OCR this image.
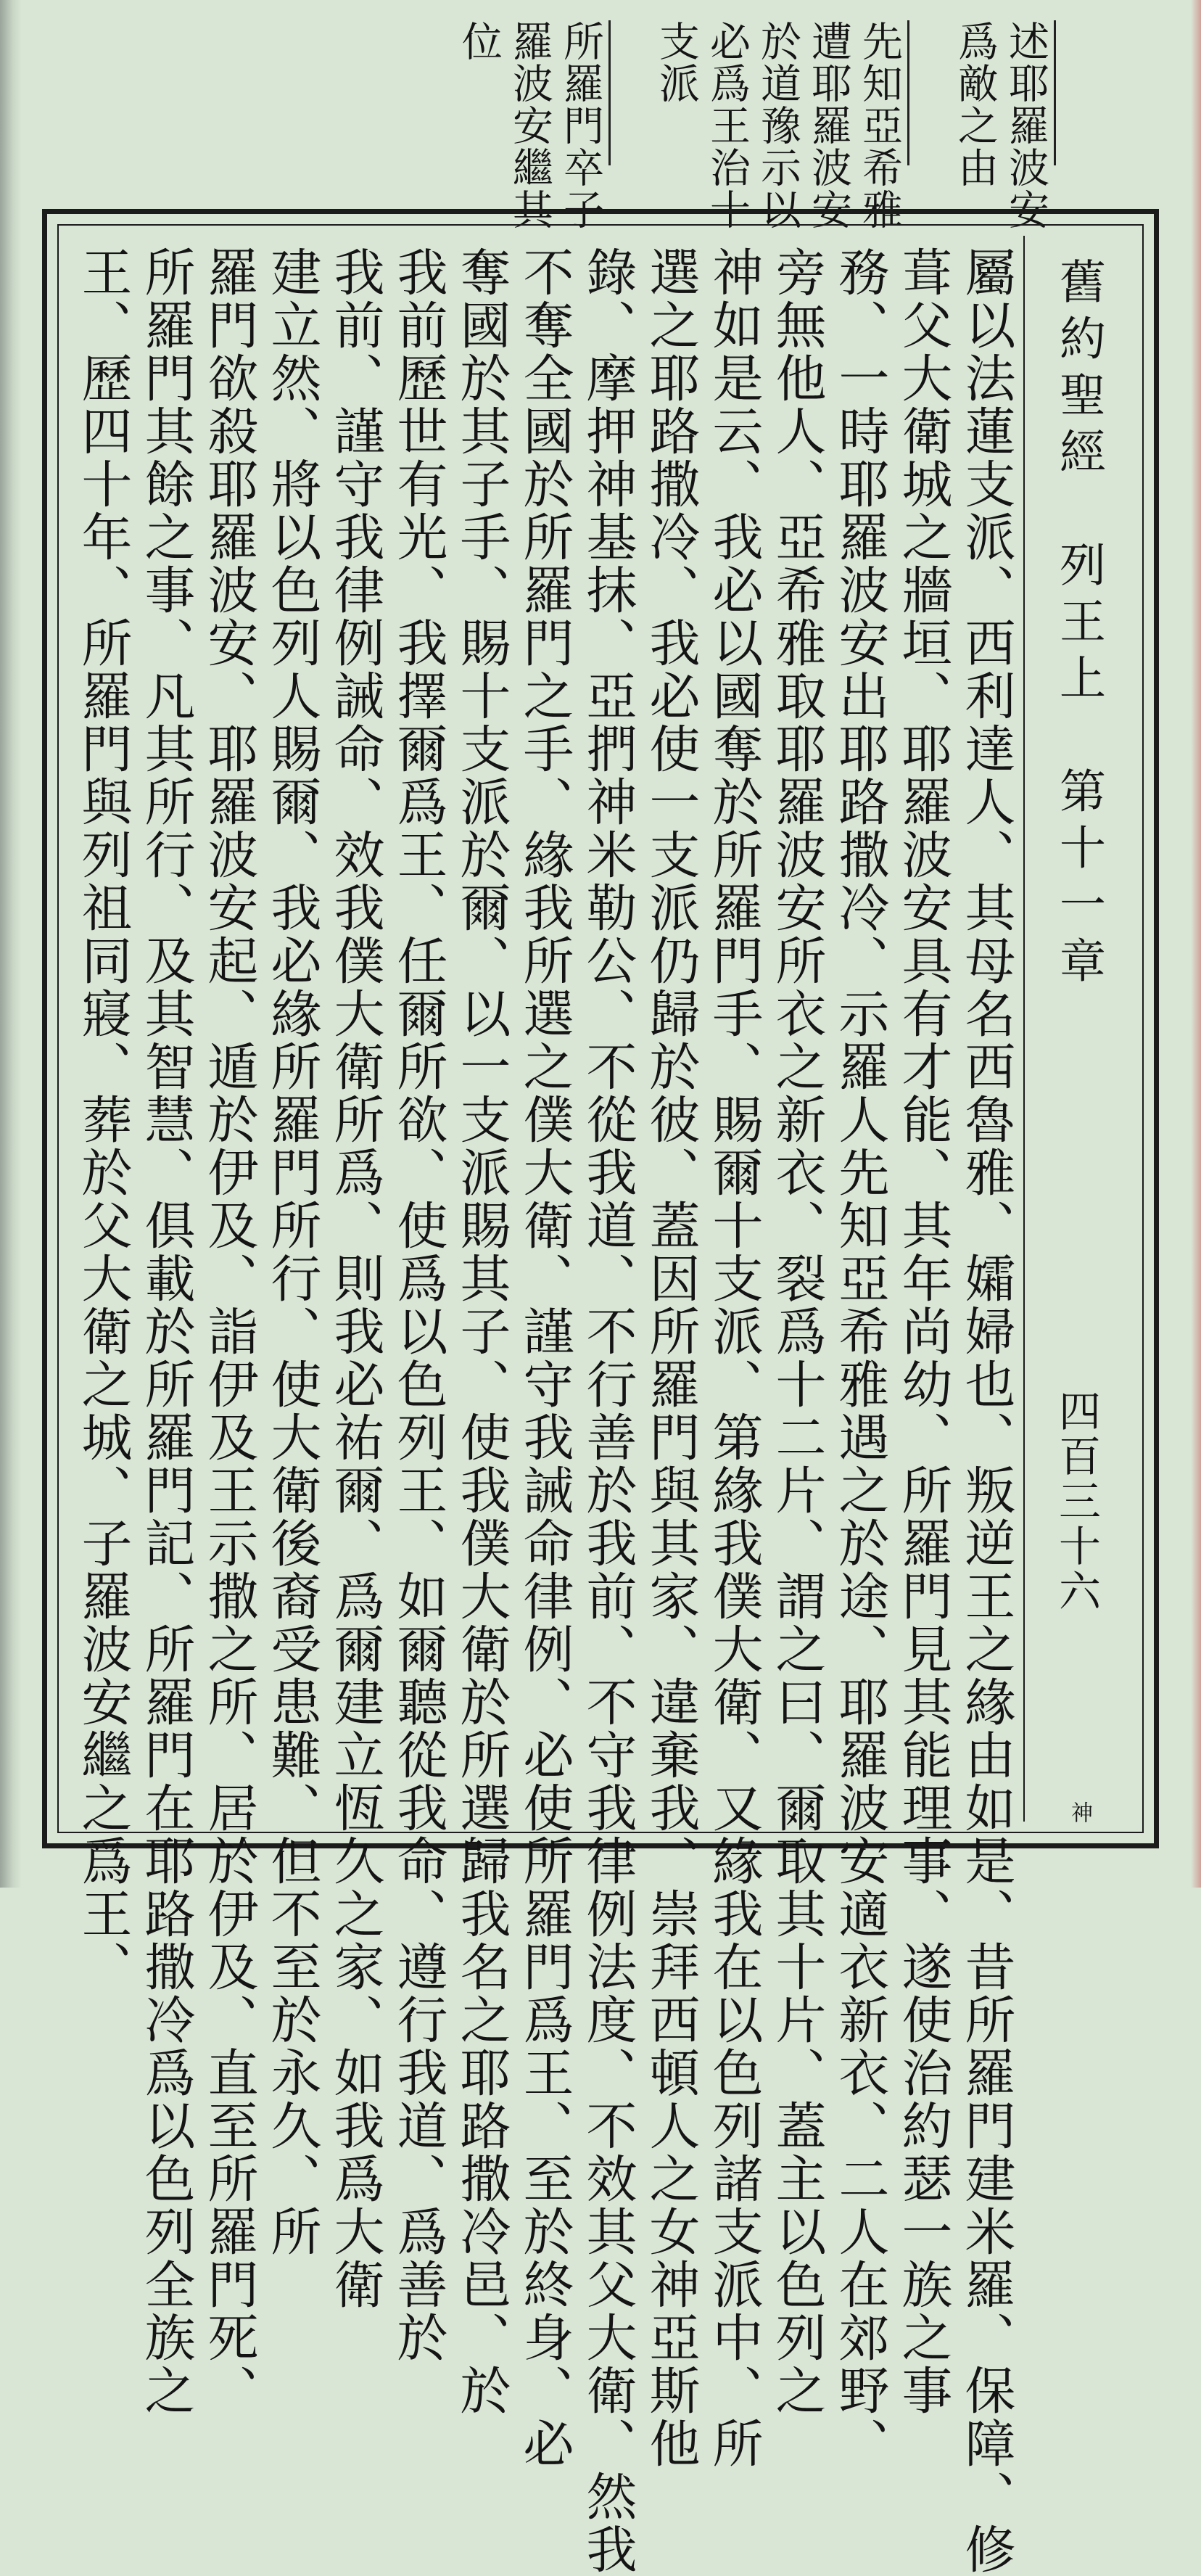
述耶羅波安
爲敵之由
先知亞希雅
遭耶羅波安
於道豫示以
必爲王治十
支派
所羅門卒子
羅波安繼其
位
舊約聖經　列王上　第十一章
四百三十六
神
屬以法蓮支派、西利達人、其母名西魯雅、孀婦也、叛逆王之緣由如是、昔所羅門建米羅、保障、修
葺父大衛城之牆垣、耶羅波安具有才能、其年尚幼、所羅門見其能理事、遂使治約瑟一族之事
務、一時耶羅波安出耶路撒冷、示羅人先知亞希雅遇之於途、耶羅波安適衣新衣、二人在郊野、
旁無他人、亞希雅取耶羅波安所衣之新衣、裂爲十二片、謂之曰、爾取其十片、蓋主以色列之
神如是云、我必以國奪於所羅門手、賜爾十支派、第緣我僕大衛、又緣我在以色列諸支派中、所
選之耶路撒冷、我必使一支派仍歸於彼、蓋因所羅門與其家、違棄我、崇拜西頓人之女神亞斯他
錄、摩押神基抹、亞捫神米勒公、不從我道、不行善於我前、不守我律例法度、不效其父大衛、然我
不奪全國於所羅門之手、緣我所選之僕大衛、謹守我誡命律例、必使所羅門爲王、至於終身、必
奪國於其子手、賜十支派於爾、以一支派賜其子、使我僕大衛於所選歸我名之耶路撒冷邑、於
我前歷世有光、我擇爾爲王、任爾所欲、使爲以色列王、如爾聽從我命、遵行我道、爲善於
我前、謹守我律例誡命、效我僕大衛所爲、則我必祐爾、爲爾建立恆久之家、如我爲大衛
建立然、將以色列人賜爾、我必緣所羅門所行、使大衛後裔受患難、但不至於永久、所
羅門欲殺耶羅波安、耶羅波安起、遁於伊及、詣伊及王示撒之所、居於伊及、直至所羅門死、
所羅門其餘之事、凡其所行、及其智慧、俱載於所羅門記、所羅門在耶路撒冷爲以色列全族之
王、歷四十年、所羅門與列祖同寢、葬於父大衛之城、子羅波安繼之爲王、
